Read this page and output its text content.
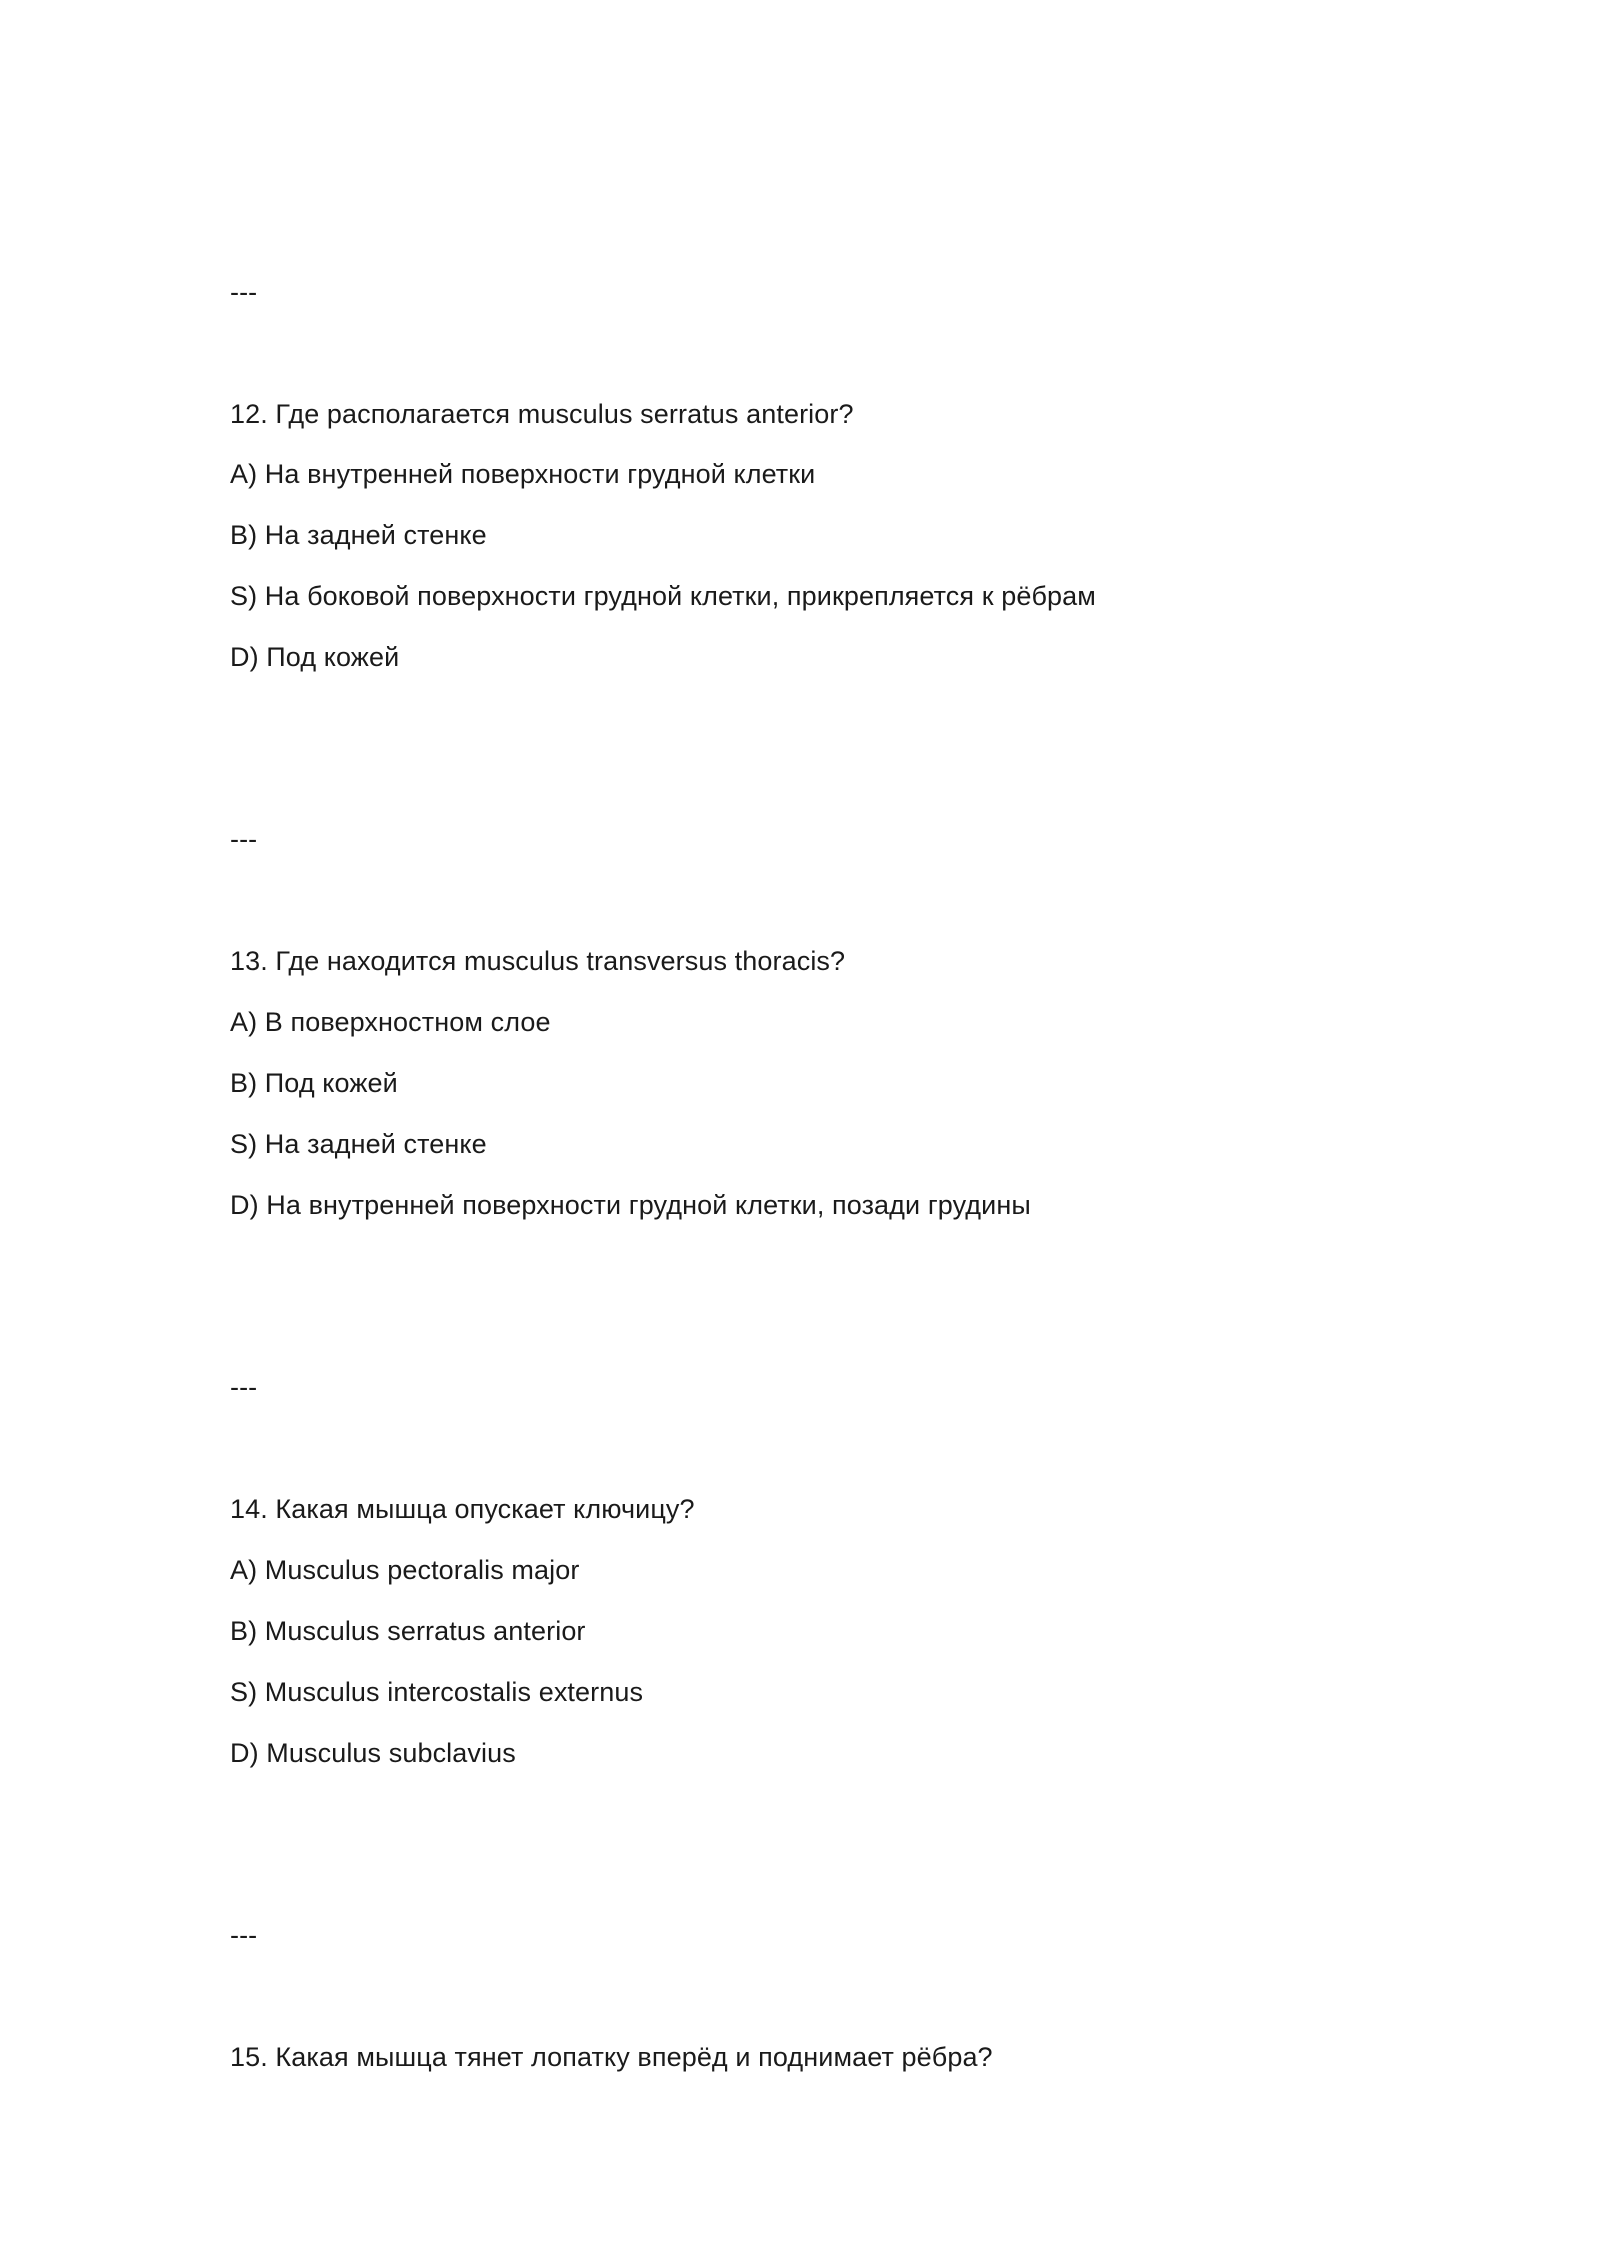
---
12. Где располагается musculus serratus anterior?
A) На внутренней поверхности грудной клетки
B) На задней стенке
S) На боковой поверхности грудной клетки, прикрепляется к рёбрам
D) Под кожей
---
13. Где находится musculus transversus thoracis?
A) В поверхностном слое
B) Под кожей
S) На задней стенке
D) На внутренней поверхности грудной клетки, позади грудины
---
14. Какая мышца опускает ключицу?
A) Musculus pectoralis major
B) Musculus serratus anterior
S) Musculus intercostalis externus
D) Musculus subclavius
---
15. Какая мышца тянет лопатку вперёд и поднимает рёбра?
